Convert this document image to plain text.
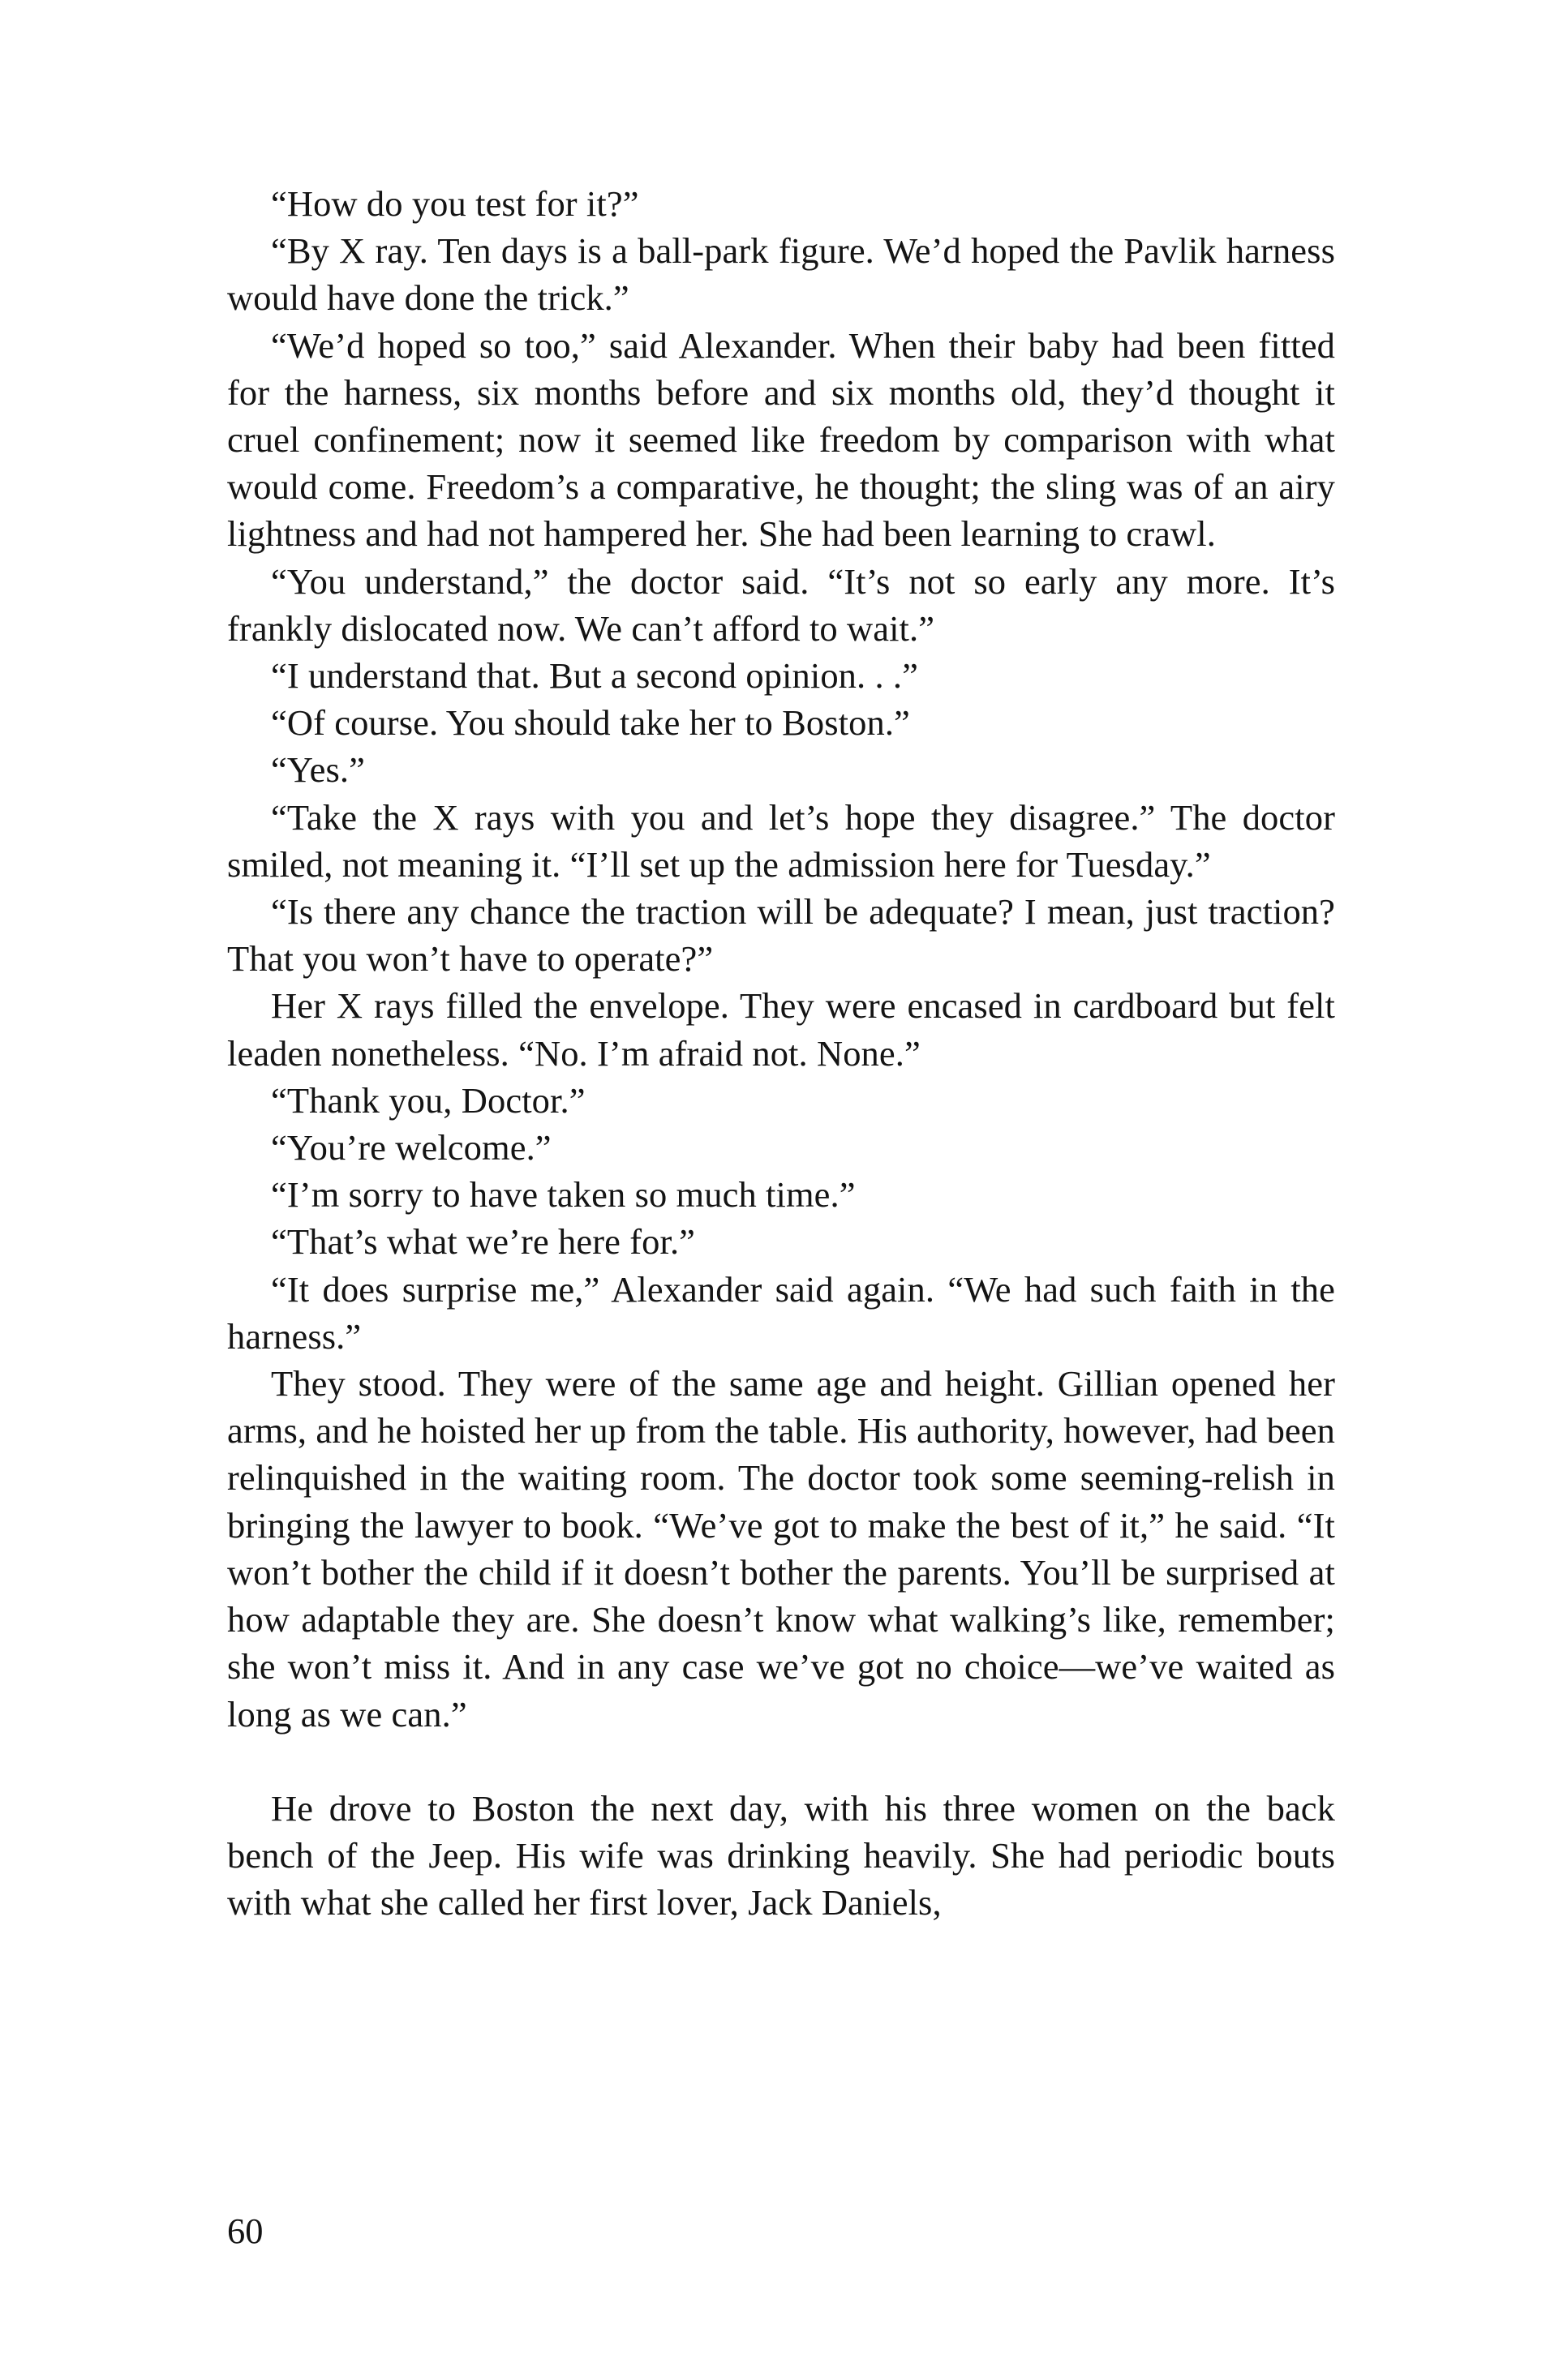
“How do you test for it?”

“By X ray. Ten days is a ball-park figure. We’d hoped the Pavlik harness would have done the trick.”

“We’d hoped so too,” said Alexander. When their baby had been fitted for the harness, six months before and six months old, they’d thought it cruel confinement; now it seemed like freedom by comparison with what would come. Freedom’s a comparative, he thought; the sling was of an airy lightness and had not hampered her. She had been learning to crawl.

“You understand,” the doctor said. “It’s not so early any more. It’s frankly dislocated now. We can’t afford to wait.”

“I understand that. But a second opinion. . .”

“Of course. You should take her to Boston.”

“Yes.”

“Take the X rays with you and let’s hope they disagree.” The doctor smiled, not meaning it. “I’ll set up the admission here for Tuesday.”

“Is there any chance the traction will be adequate? I mean, just traction? That you won’t have to operate?”

Her X rays filled the envelope. They were encased in cardboard but felt leaden nonetheless. “No. I’m afraid not. None.”

“Thank you, Doctor.”

“You’re welcome.”

“I’m sorry to have taken so much time.”

“That’s what we’re here for.”

“It does surprise me,” Alexander said again. “We had such faith in the harness.”

They stood. They were of the same age and height. Gillian opened her arms, and he hoisted her up from the table. His authority, however, had been relinquished in the waiting room. The doctor took some seeming-relish in bringing the lawyer to book. “We’ve got to make the best of it,” he said. “It won’t bother the child if it doesn’t bother the parents. You’ll be surprised at how adaptable they are. She doesn’t know what walking’s like, remember; she won’t miss it. And in any case we’ve got no choice—we’ve waited as long as we can.”

He drove to Boston the next day, with his three women on the back bench of the Jeep. His wife was drinking heavily. She had periodic bouts with what she called her first lover, Jack Daniels,

60
